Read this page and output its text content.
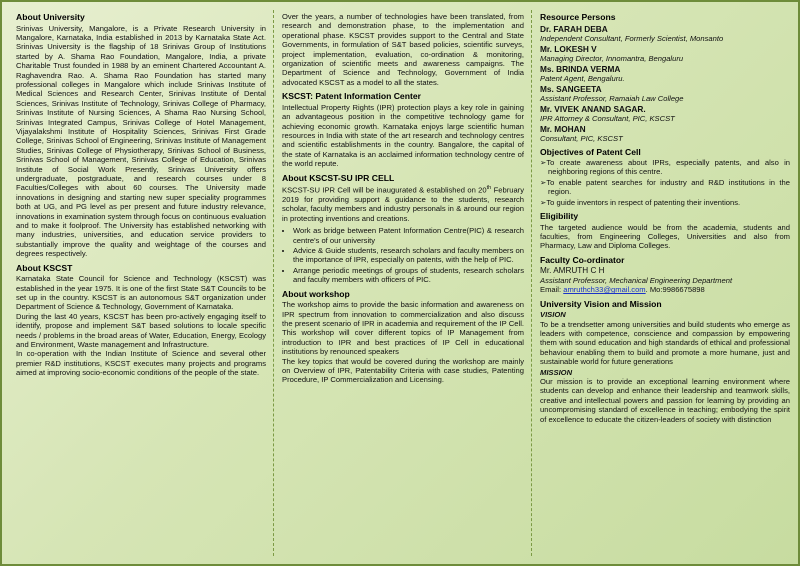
About University

Srinivas University, Mangalore, is a Private Research University in Mangalore, Karnataka, India established in 2013 by Karnataka State Act. Srinivas University is the flagship of 18 Srinivas Group of Institutions started by A. Shama Rao Foundation, Mangalore, India, a private Charitable Trust founded in 1988 by an eminent Chartered Accountant A. Raghavendra Rao. A. Shama Rao Foundation has started many professional colleges in Mangalore which include Srinivas Institute of Medical Sciences and Research Center, Srinivas Institute of Dental Sciences, Srinivas Institute of Technology, Srinivas College of Pharmacy, Srinivas Institute of Nursing Sciences, A Shama Rao Nursing School, Srinivas Integrated Campus, Srinivas College of Hotel Management, Vijayalakshmi Institute of Hospitality Sciences, Srinivas First Grade College, Srinivas School of Engineering, Srinivas Institute of Management Studies, Srinivas College of Physiotherapy, Srinivas School of Business, Srinivas School of Management, Srinivas College of Education, Srinivas Institute of Social Work Presently, Srinivas University offers undergraduate, postgraduate, and research courses under 8 Faculties/Colleges with about 60 courses. The University made innovations in designing and starting new super speciality programmes both at UG, and PG level as per present and future industry relevance, innovations in examination system through focus on continuous evaluation and to make it foolproof. The University has established networking with many industries, universities, and education service providers to substantially improve the quality and weightage of the courses and degrees respectively.

About KSCST

Karnataka State Council for Science and Technology (KSCST) was established in the year 1975. It is one of the first State S&T Councils to be set up in the country. KSCST is an autonomous S&T organization under Department of Science & Technology, Government of Karnataka.

During the last 40 years, KSCST has been pro-actively engaging itself to identify, propose and implement S&T based solutions to locale specific needs / problems in the broad areas of Water, Education, Energy, Ecology and Environment, Waste management and Infrastructure.

In co-operation with the Indian Institute of Science and several other premier R&D institutions, KSCST executes many projects and programs aimed at improving socio-economic conditions of the people of the state.

Over the years, a number of technologies have been translated, from research and demonstration phase, to the implementation and operational phase. KSCST provides support to the Central and State Governments, in formulation of S&T based policies, scientific surveys, project implementation, evaluation, co-ordination & monitoring, organization of scientific meets and awareness campaigns. The Department of Science and Technology, Government of India advocated KSCST as a model to all the states.

KSCST: Patent Information Center

Intellectual Property Rights (IPR) protection plays a key role in gaining an advantageous position in the competitive technology game for achieving economic growth. Karnataka enjoys large scientific human resources in India with state of the art research and technology centres and scientific establishments in the country. Bangalore, the capital of the state of Karnataka is an acclaimed information technology centre of the world repute.

About KSCST-SU IPR CELL

KSCST-SU IPR Cell will be inaugurated & established on 20th February 2019 for providing support & guidance to the students, research scholar, faculty members and industry personals in & around our region in protecting inventions and creations.

• Work as bridge between Patent Information Centre(PIC) & research centre's of our university
• Advice & Guide students, research scholars and faculty members on the importance of IPR, especially on patents, with the help of PIC.
• Arrange periodic meetings of groups of students, research scholars and faculty members with officers of PIC.
About workshop

The workshop aims to provide the basic information and awareness on IPR spectrum from innovation to commercialization and also discuss the present scenario of IPR in academia and requirement of the IP Cell. This workshop will cover different topics of IP Management from introduction to IPR and best practices of IP Cell in educational institutions by renounced speakers

The key topics that would be covered during the workshop are mainly on Overview of IPR, Patentability Criteria with case studies, Patenting Procedure, IP Commercialization and Licensing.

Resource Persons
Dr. FARAH DEBA
Independent Consultant, Formerly Scientist, Monsanto
Mr. LOKESH V
Managing Director, Innomantra, Bengaluru
Ms. BRINDA VERMA
Patent Agent, Bengaluru.
Ms. SANGEETA
Assistant Professor, Ramaiah Law College
Mr. VIVEK ANAND SAGAR.
IPR Attorney & Consultant, PIC, KSCST
Mr. MOHAN
Consultant, PIC, KSCST
Objectives of Patent Cell
➢To create awareness about IPRs, especially patents, and also in neighboring regions of this centre.
➢To enable patent searches for industry and R&D institutions in the region.
➢To guide inventors in respect of patenting their inventions.
Eligibility

The targeted audience would be from the academia, students and faculties, from Engineering Colleges, Universities and also from Pharmacy, Law and Diploma Colleges.

Faculty Co-ordinator
Mr. AMRUTH C H
Assistant Professor, Mechanical Engineering Department
Email: amruthch33@gmail.com. Mo:9986675898
University Vision and Mission
VISION

To be a trendsetter among universities and build students who emerge as leaders with competence, conscience and compassion by empowering them with sound education and high standards of ethical and professional behaviour enabling them to build and promote a more humane, just and sustainable world for future generations

MISSION

Our mission is to provide an exceptional learning environment where students can develop and enhance their leadership and teamwork skills, creative and intellectual powers and passion for learning by providing an uncompromising standard of excellence in teaching; embodying the spirit of excellence to educate the citizen-leaders of society with distinction
